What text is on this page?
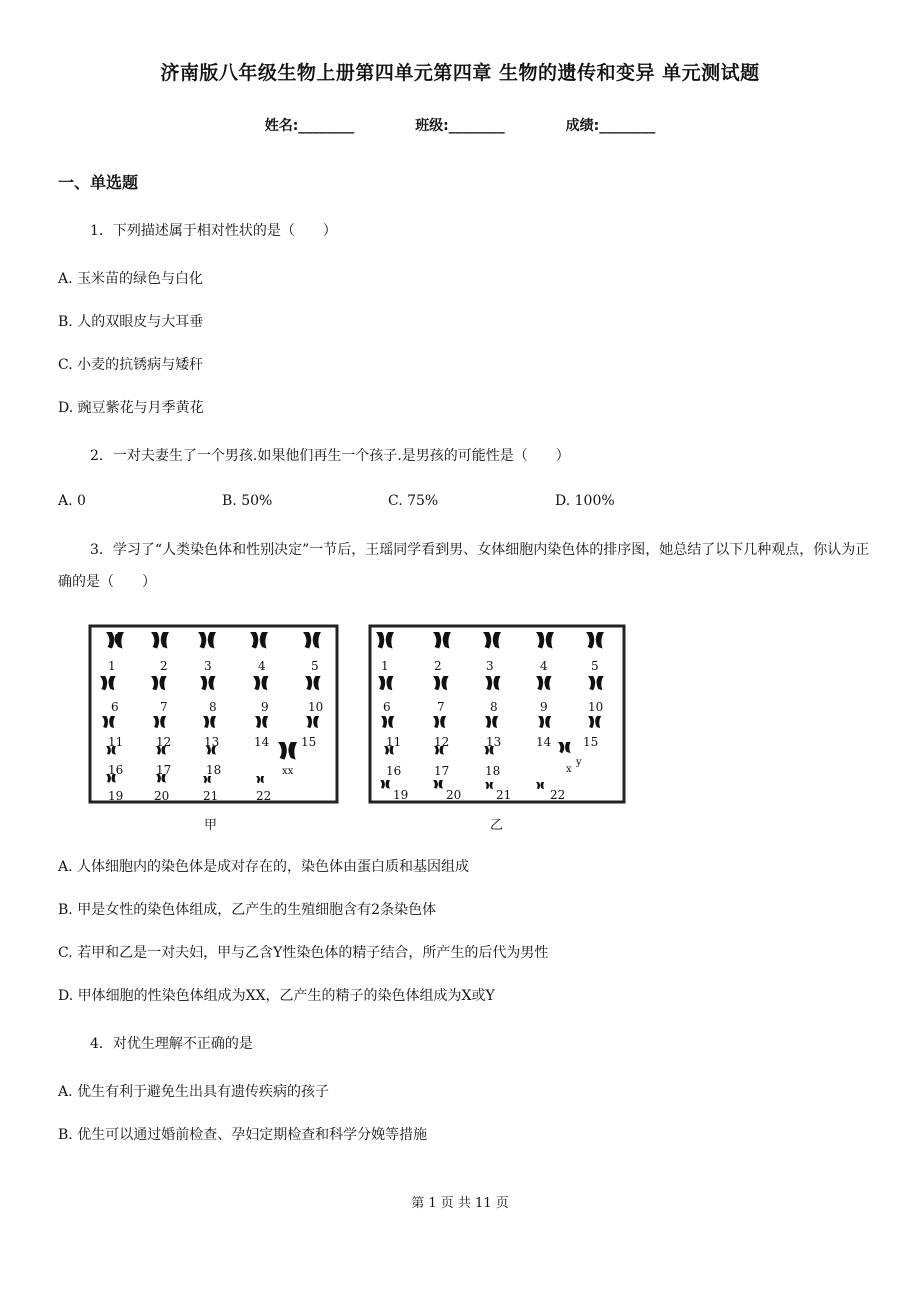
济南版八年级生物上册第四单元第四章 生物的遗传和变异 单元测试题
姓名:________	班级:________	成绩:________
一、单选题
1．下列描述属于相对性状的是（　　）
A. 玉米苗的绿色与白化
B. 人的双眼皮与大耳垂
C. 小麦的抗锈病与矮秆
D. 豌豆紫花与月季黄花
2．一对夫妻生了一个男孩.如果他们再生一个孩子.是男孩的可能性是（　　）
A. 0	B. 50%	C. 75%	D. 100%
3．学习了“人类染色体和性别决定”一节后，王瑶同学看到男、女体细胞内染色体的排序图，她总结了以下几种观点，你认为正确的是（　　）
1	2	3	4	5
6	7	8	9	10
11	12	13	14	15
16	17	18	xx
19	20	21	22
1	2	3	4	5
6	7	8	9	10
11	12	13	14	15
16	17	18	x
y
19	20	21	22
甲	乙
A. 人体细胞内的染色体是成对存在的，染色体由蛋白质和基因组成
B. 甲是女性的染色体组成，乙产生的生殖细胞含有2条染色体
C. 若甲和乙是一对夫妇，甲与乙含Y性染色体的精子结合，所产生的后代为男性
D. 甲体细胞的性染色体组成为XX，乙产生的精子的染色体组成为X或Y
4．对优生理解不正确的是
A. 优生有利于避免生出具有遗传疾病的孩子
B. 优生可以通过婚前检查、孕妇定期检查和科学分娩等措施
第 1 页 共 11 页
